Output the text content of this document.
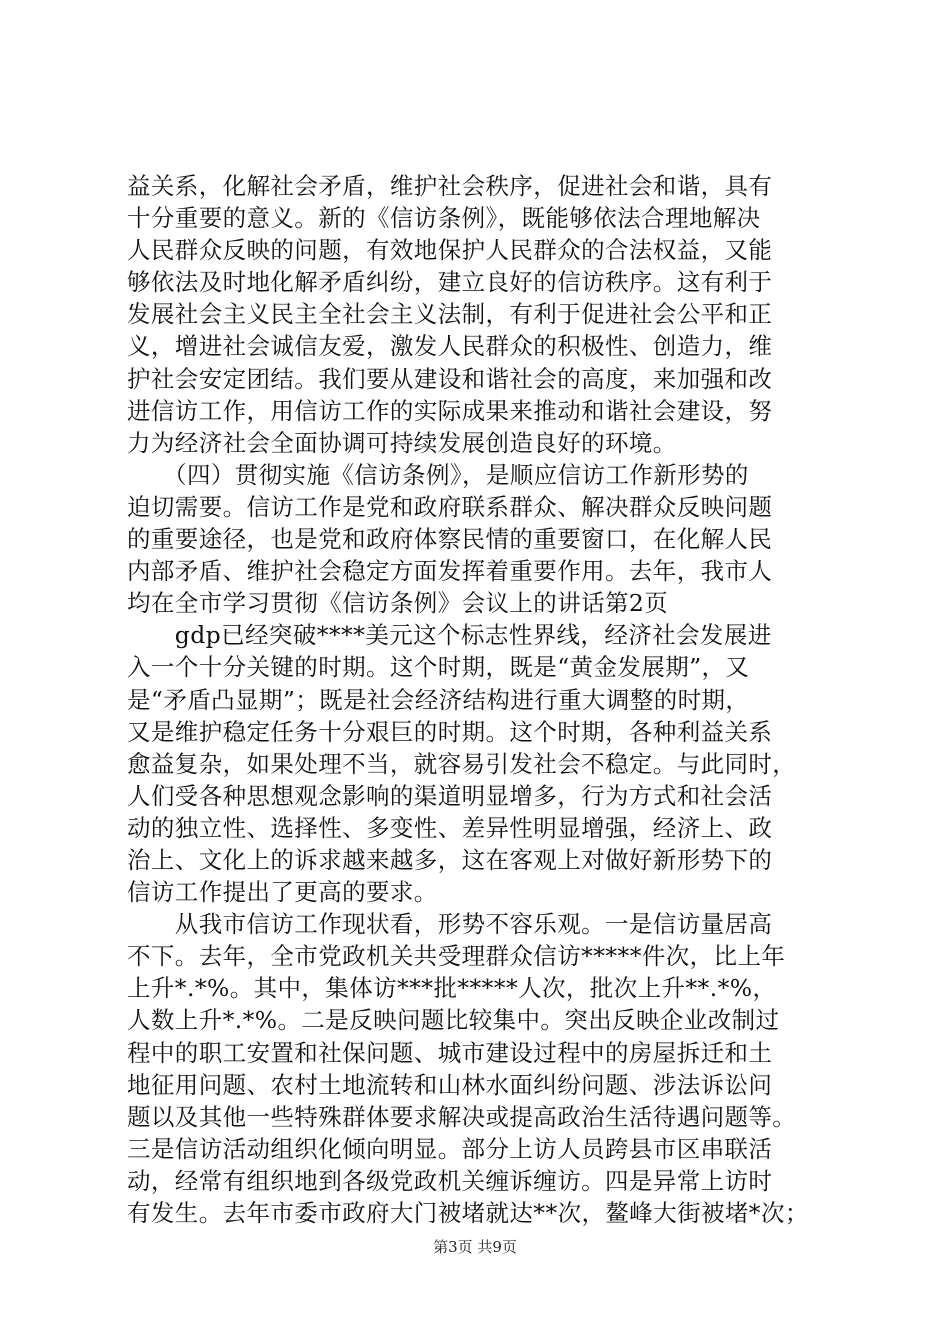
益关系，化解社会矛盾，维护社会秩序，促进社会和谐，具有
十分重要的意义。新的《信访条例》，既能够依法合理地解决
人民群众反映的问题，有效地保护人民群众的合法权益，又能
够依法及时地化解矛盾纠纷，建立良好的信访秩序。这有利于
发展社会主义民主全社会主义法制，有利于促进社会公平和正
义，增进社会诚信友爱，激发人民群众的积极性、创造力，维
护社会安定团结。我们要从建设和谐社会的高度，来加强和改
进信访工作，用信访工作的实际成果来推动和谐社会建设，努
力为经济社会全面协调可持续发展创造良好的环境。
　　（四）贯彻实施《信访条例》，是顺应信访工作新形势的
迫切需要。信访工作是党和政府联系群众、解决群众反映问题
的重要途径，也是党和政府体察民情的重要窗口，在化解人民
内部矛盾、维护社会稳定方面发挥着重要作用。去年，我市人
均在全市学习贯彻《信访条例》会议上的讲话第2页
　　gdp已经突破****美元这个标志性界线，经济社会发展进
入一个十分关键的时期。这个时期，既是“黄金发展期”，又
是“矛盾凸显期”；既是社会经济结构进行重大调整的时期，
又是维护稳定任务十分艰巨的时期。这个时期，各种利益关系
愈益复杂，如果处理不当，就容易引发社会不稳定。与此同时，
人们受各种思想观念影响的渠道明显增多，行为方式和社会活
动的独立性、选择性、多变性、差异性明显增强，经济上、政
治上、文化上的诉求越来越多，这在客观上对做好新形势下的
信访工作提出了更高的要求。
　　从我市信访工作现状看，形势不容乐观。一是信访量居高
不下。去年，全市党政机关共受理群众信访*****件次，比上年
上升*.*%。其中，集体访***批*****人次，批次上升**.*%，
人数上升*.*%。二是反映问题比较集中。突出反映企业改制过
程中的职工安置和社保问题、城市建设过程中的房屋拆迁和土
地征用问题、农村土地流转和山林水面纠纷问题、涉法诉讼问
题以及其他一些特殊群体要求解决或提高政治生活待遇问题等。
三是信访活动组织化倾向明显。部分上访人员跨县市区串联活
动，经常有组织地到各级党政机关缠诉缠访。四是异常上访时
有发生。去年市委市政府大门被堵就达**次，鳌峰大街被堵*次；
第3页 共9页
